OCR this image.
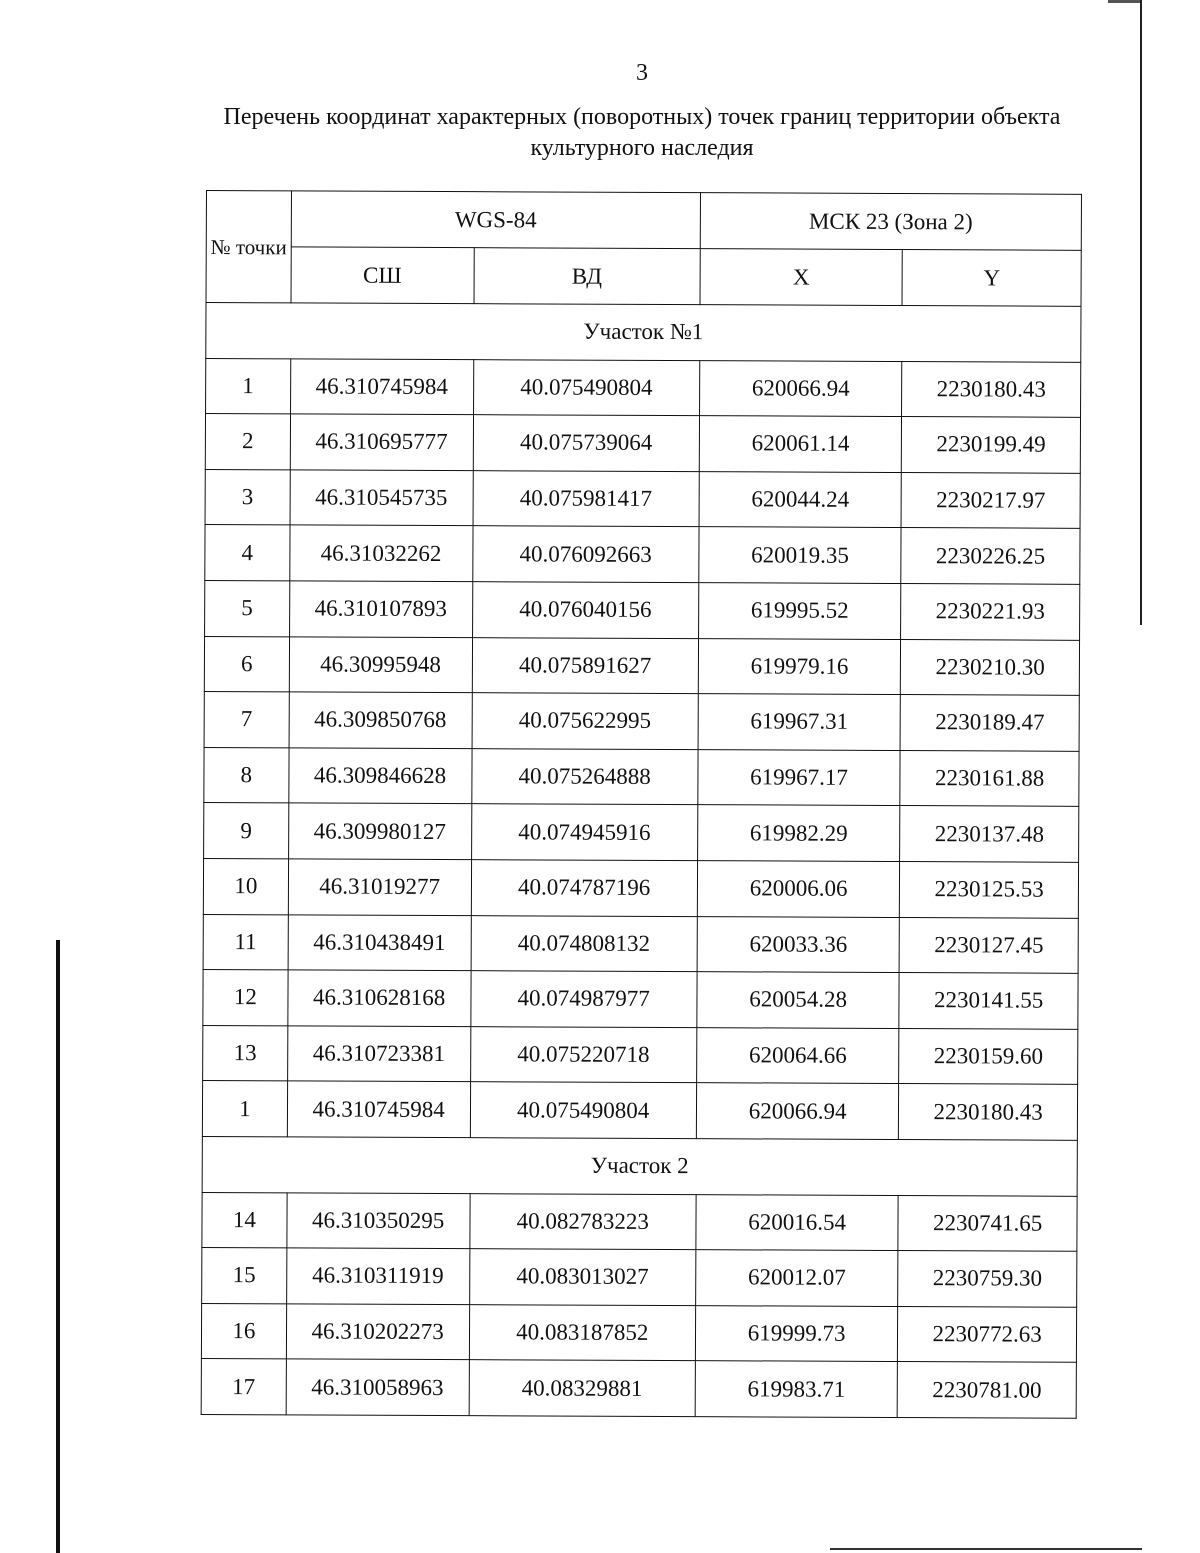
3
Перечень координат характерных (поворотных) точек границ территории объекта культурного наследия
№ точки	WGS-84		МСК 23 (Зона 2)	
	СШ	ВД	X	Y
Участок №1				
1	46.310745984	40.075490804	620066.94	2230180.43
2	46.310695777	40.075739064	620061.14	2230199.49
3	46.310545735	40.075981417	620044.24	2230217.97
4	46.31032262	40.076092663	620019.35	2230226.25
5	46.310107893	40.076040156	619995.52	2230221.93
6	46.30995948	40.075891627	619979.16	2230210.30
7	46.309850768	40.075622995	619967.31	2230189.47
8	46.309846628	40.075264888	619967.17	2230161.88
9	46.309980127	40.074945916	619982.29	2230137.48
10	46.31019277	40.074787196	620006.06	2230125.53
11	46.310438491	40.074808132	620033.36	2230127.45
12	46.310628168	40.074987977	620054.28	2230141.55
13	46.310723381	40.075220718	620064.66	2230159.60
1	46.310745984	40.075490804	620066.94	2230180.43
Участок 2				
14	46.310350295	40.082783223	620016.54	2230741.65
15	46.310311919	40.083013027	620012.07	2230759.30
16	46.310202273	40.083187852	619999.73	2230772.63
17	46.310058963	40.08329881	619983.71	2230781.00
